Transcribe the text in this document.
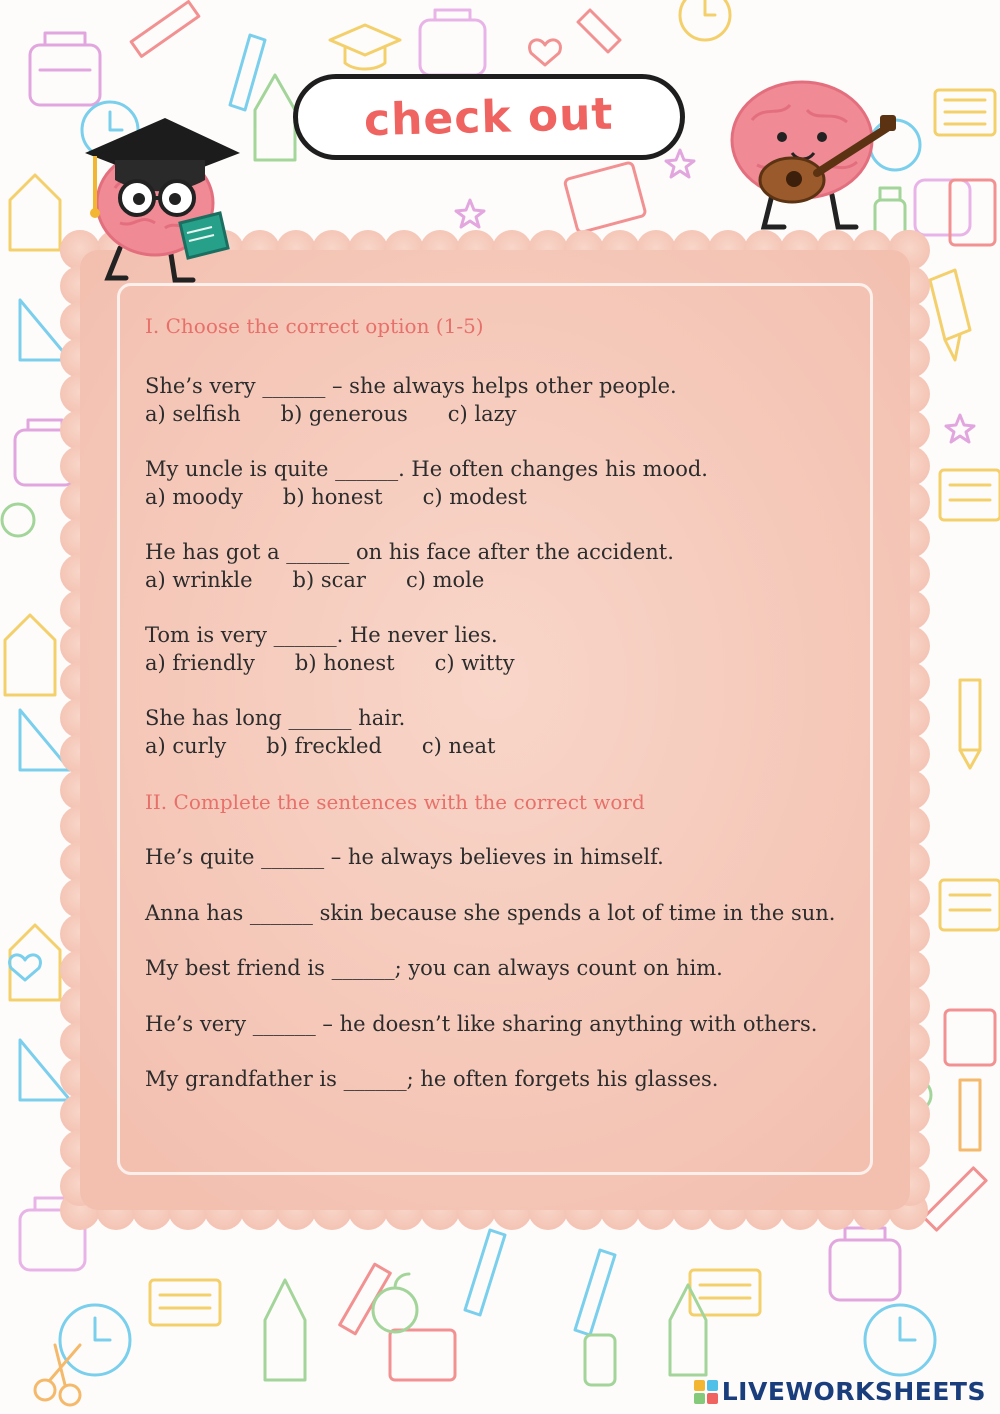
check out

I. Choose the correct option (1-5)

She’s very ______ – she always helps other people.
a) selfish b) generous c) lazy
My uncle is quite ______. He often changes his mood.
a) moody b) honest c) modest
He has got a ______ on his face after the accident.
a) wrinkle b) scar c) mole
Tom is very ______. He never lies.
a) friendly b) honest c) witty
She has long ______ hair.
a) curly b) freckled c) neat

II. Complete the sentences with the correct word

He’s quite ______ – he always believes in himself.
Anna has ______ skin because she spends a lot of time in the sun.
My best friend is ______; you can always count on him.
He’s very ______ – he doesn’t like sharing anything with others.
My grandfather is ______; he often forgets his glasses.
LIVEWORKSHEETS
